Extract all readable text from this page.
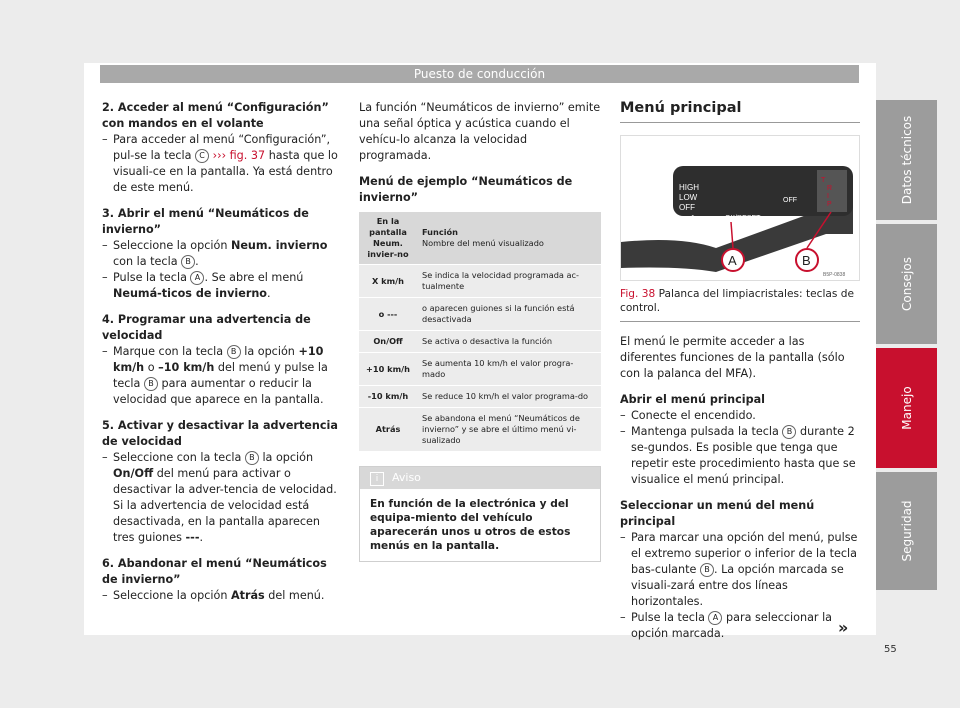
Puesto de conducción
2. Acceder al menú “Configuración” con mandos en el volante
– Para acceder al menú “Configuración”, pul-se la tecla C ››› fig. 37 hasta que lo visuali-ce en la pantalla. Ya está dentro de este menú.
3. Abrir el menú “Neumáticos de invierno”
– Seleccione la opción Neum. invierno con la tecla B .
– Pulse la tecla A . Se abre el menú Neumá-ticos de invierno.
4. Programar una advertencia de velocidad
– Marque con la tecla B la opción +10 km/h o –10 km/h del menú y pulse la tecla B para aumentar o reducir la velocidad que aparece en la pantalla.
5. Activar y desactivar la advertencia de velocidad
– Seleccione con la tecla B la opción On/Off del menú para activar o desactivar la adver-tencia de velocidad. Si la advertencia de velocidad está desactivada, en la pantalla aparecen tres guiones ---.
6. Abandonar el menú “Neumáticos de invierno”
– Seleccione la opción Atrás del menú.
La función “Neumáticos de invierno” emite una señal óptica y acústica cuando el vehícu-lo alcanza la velocidad programada.
Menú de ejemplo “Neumáticos de invierno”
En la pantalla Neum. invier-no	Función
Nombre del menú visualizado
X km/h	Se indica la velocidad programada ac-tualmente
o ---	o aparecen guiones si la función está desactivada
On/Off	Se activa o desactiva la función
+10 km/h	Se aumenta 10 km/h el valor progra-mado
-10 km/h	Se reduce 10 km/h el valor programa-do
Atrás	Se abandona el menú “Neumáticos de invierno” y se abre el último menú vi-sualizado
i Aviso
En función de la electrónica y del equipa-miento del vehículo aparecerán unos u otros de estos menús en la pantalla.
Menú principal
HIGH
LOW
OFF
1x	OK/RESET
OFF
T
R
I
P
A	B
B5P-0838
Fig. 38 Palanca del limpiacristales: teclas de control.
El menú le permite acceder a las diferentes funciones de la pantalla (sólo con la palanca del MFA).
Abrir el menú principal
– Conecte el encendido.
– Mantenga pulsada la tecla B durante 2 se-gundos. Es posible que tenga que repetir este procedimiento hasta que se visualice el menú principal.
Seleccionar un menú del menú principal
– Para marcar una opción del menú, pulse el extremo superior o inferior de la tecla bas-culante B . La opción marcada se visuali-zará entre dos líneas horizontales.
– Pulse la tecla A para seleccionar la opción marcada.	»
Datos técnicos
Consejos
Manejo
Seguridad
55
